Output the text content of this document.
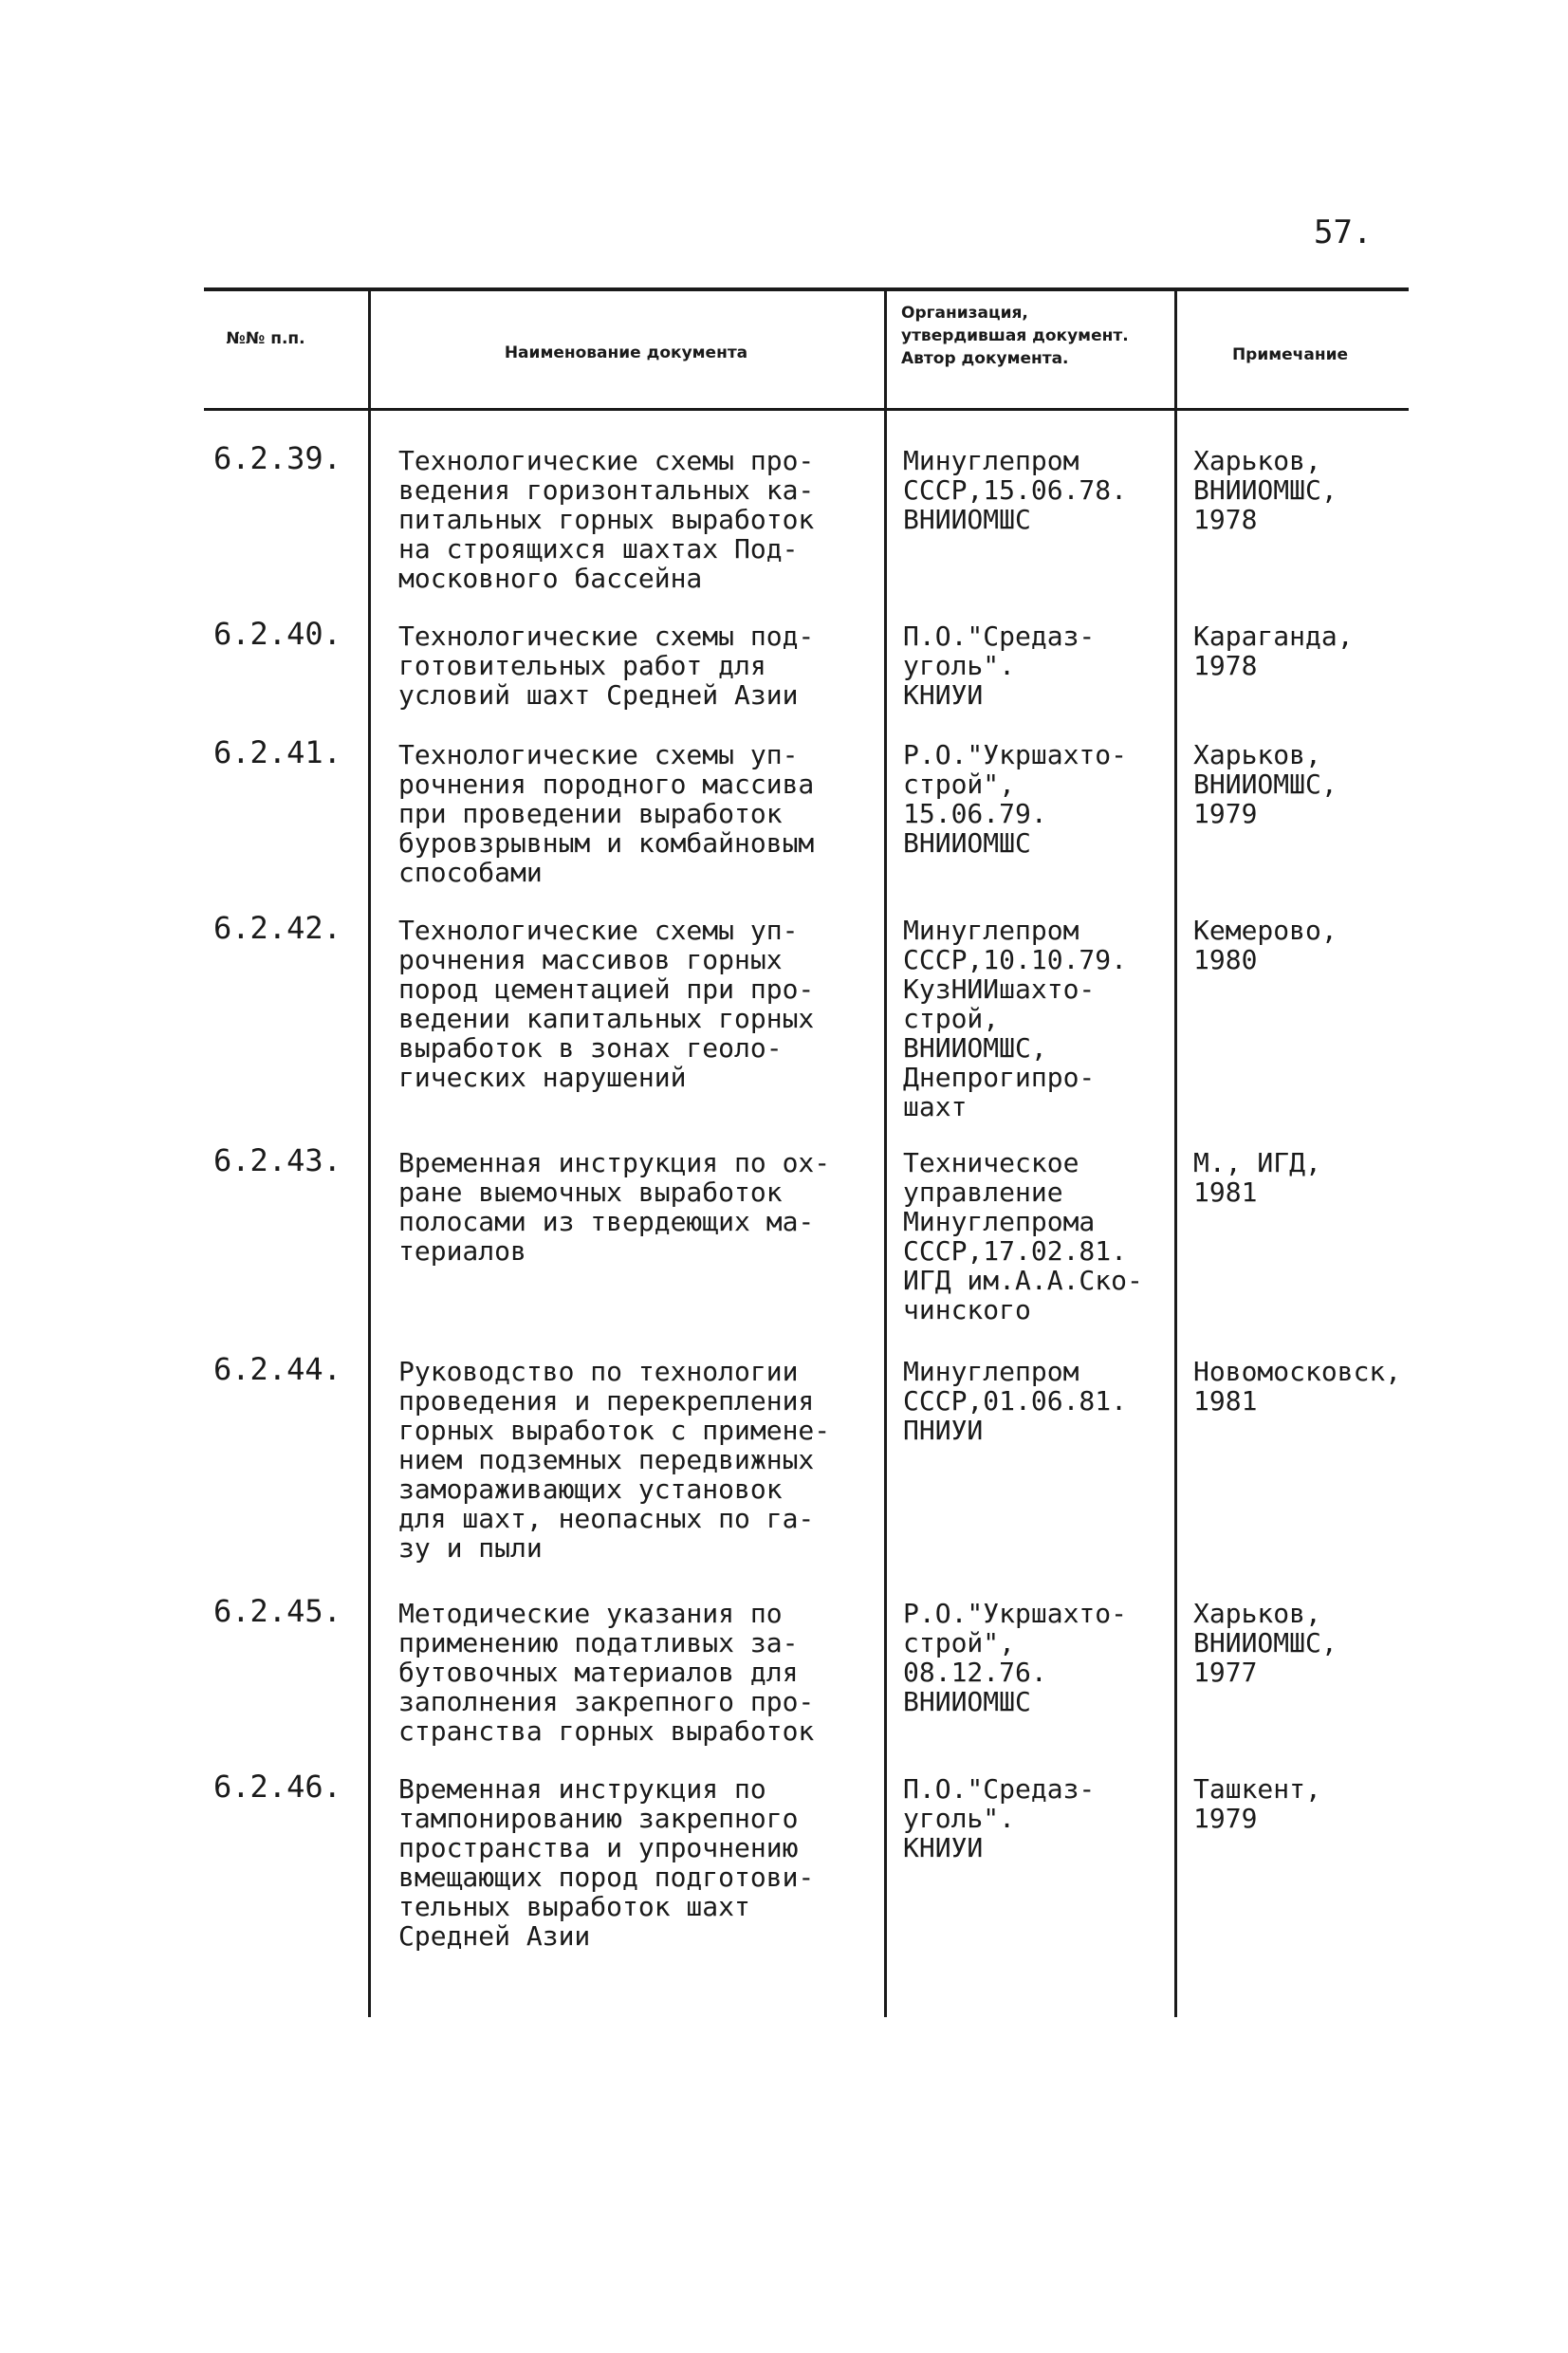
57.
№№ п.п.
Наименование документа
Организация, утвердившая документ. Автор документа.	Примечание
6.2.39. Технологические схемы про-
ведения горизонтальных ка-
питальных горных выработок
на строящихся шахтах Под-
московного бассейна
Минуглепром
СССР,15.06.78.
ВНИИОМШС
Харьков,
ВНИИОМШС,
1978
6.2.40. Технологические схемы под-
готовительных работ для
условий шахт Средней Азии
П.О."Средаз-
уголь".
КНИУИ
Караганда,
1978
6.2.41. Технологические схемы уп-
рочнения породного массива
при проведении выработок
буровзрывным и комбайновым
способами
Р.О."Укршахто-
строй",
15.06.79.
ВНИИОМШС
Харьков,
ВНИИОМШС,
1979
6.2.42. Технологические схемы уп-
рочнения массивов горных
пород цементацией при про-
ведении капитальных горных
выработок в зонах геоло-
гических нарушений
Минуглепром
СССР,10.10.79.
КузНИИшахто-
строй,
ВНИИОМШС,
Днепрогипро-
шахт
Кемерово,
1980
6.2.43. Временная инструкция по ох-
ране выемочных выработок
полосами из твердеющих ма-
териалов
Техническое
управление
Минуглепрома
СССР,17.02.81.
ИГД им.А.А.Ско-
чинского
М., ИГД,
1981
6.2.44. Руководство по технологии
проведения и перекрепления
горных выработок с примене-
нием подземных передвижных
замораживающих установок
для шахт, неопасных по га-
зу и пыли
Минуглепром
СССР,01.06.81.
ПНИУИ
Новомосковск,
1981
6.2.45. Методические указания по
применению податливых за-
бутовочных материалов для
заполнения закрепного про-
странства горных выработок
Р.О."Укршахто-
строй",
08.12.76.
ВНИИОМШС
Харьков,
ВНИИОМШС,
1977
6.2.46. Временная инструкция по
тампонированию закрепного
пространства и упрочнению
вмещающих пород подготови-
тельных выработок шахт
Средней Азии
П.О."Средаз-
уголь".
КНИУИ
Ташкент,
1979
